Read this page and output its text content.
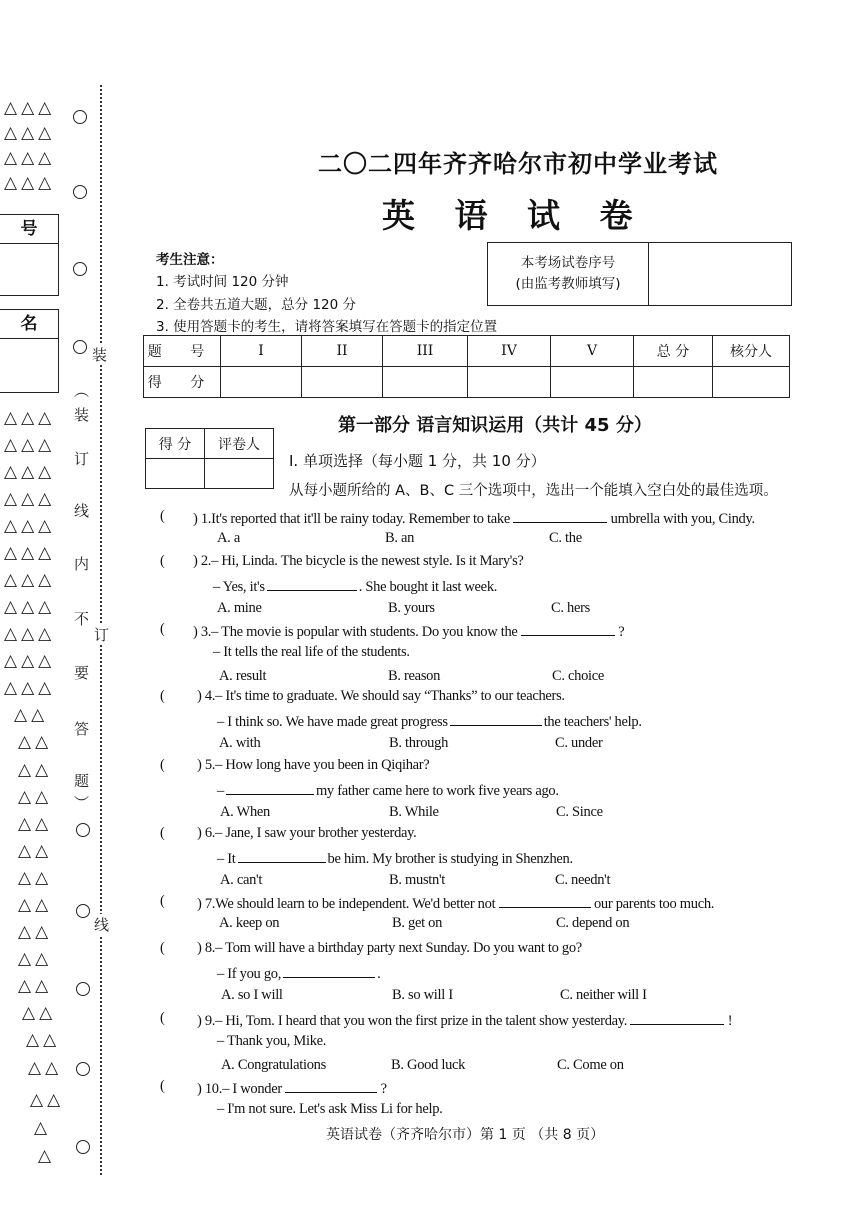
△△△
△△△
△△△
△△△
号
名
△△△
△△△
△△△
△△△
△△△
△△△
△△△
△△△
△△△
△△△
△△△
△△
△△
△△
△△
△△
△△
△△
△△
△△
△△
△△
△△
△△
△△
△△
△
△
装
订
线
（
装
订
线
内
不
要
答
题
）
二〇二四年齐齐哈尔市初中学业考试
英 语 试 卷
考生注意：
1. 考试时间 120 分钟
2. 全卷共五道大题，总分 120 分
3. 使用答题卡的考生，请将答案填写在答题卡的指定位置
本考场试卷序号
(由监考教师填写)
题 号	I	II	III	IV	V	总 分	核分人
得 分							
得 分	评卷人

第一部分 语言知识运用（共计 45 分）
I. 单项选择（每小题 1 分，共 10 分）
从每小题所给的 A、B、C 三个选项中，选出一个能填入空白处的最佳选项。
( ) 1.It's reported that it'll be rainy today. Remember to take	umbrella with you, Cindy.
A. a	B. an	C. the
( ) 2.– Hi, Linda. The bicycle is the newest style. Is it Mary's?
– Yes, it's	. She bought it last week.
A. mine	B. yours	C. hers
( ) 3.– The movie is popular with students. Do you know the	?
– It tells the real life of the students.
A. result	B. reason	C. choice
( ) 4.– It's time to graduate. We should say “Thanks” to our teachers.
– I think so. We have made great progress	the teachers' help.
A. with	B. through	C. under
( ) 5.– How long have you been in Qiqihar?
–	my father came here to work five years ago.
A. When	B. While	C. Since
( ) 6.– Jane, I saw your brother yesterday.
– It	be him. My brother is studying in Shenzhen.
A. can't	B. mustn't	C. needn't
( ) 7.We should learn to be independent. We'd better not	our parents too much.
A. keep on	B. get on	C. depend on
( ) 8.– Tom will have a birthday party next Sunday. Do you want to go?
– If you go,	.
A. so I will	B. so will I	C. neither will I
( ) 9.– Hi, Tom. I heard that you won the first prize in the talent show yesterday.	!
– Thank you, Mike.
A. Congratulations	B. Good luck	C. Come on
( ) 10.– I wonder	?
– I'm not sure. Let's ask Miss Li for help.
英语试卷（齐齐哈尔市）第 1 页 （共 8 页）
